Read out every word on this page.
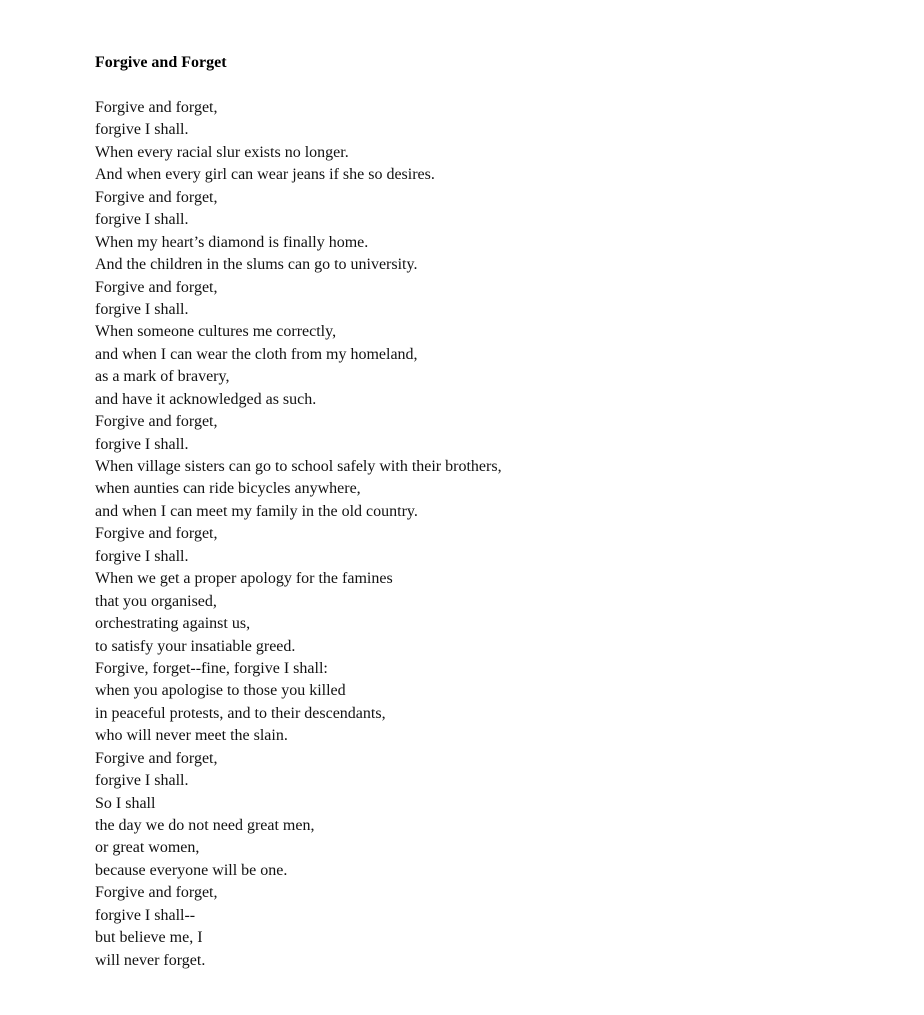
Forgive and Forget
Forgive and forget,
forgive I shall.
When every racial slur exists no longer.
And when every girl can wear jeans if she so desires.
Forgive and forget,
forgive I shall.
When my heart’s diamond is finally home.
And the children in the slums can go to university.
Forgive and forget,
forgive I shall.
When someone cultures me correctly,
and when I can wear the cloth from my homeland,
as a mark of bravery,
and have it acknowledged as such.
Forgive and forget,
forgive I shall.
When village sisters can go to school safely with their brothers,
when aunties can ride bicycles anywhere,
and when I can meet my family in the old country.
Forgive and forget,
forgive I shall.
When we get a proper apology for the famines
that you organised,
orchestrating against us,
to satisfy your insatiable greed.
Forgive, forget--fine, forgive I shall:
when you apologise to those you killed
in peaceful protests, and to their descendants,
who will never meet the slain.
Forgive and forget,
forgive I shall.
So I shall
the day we do not need great men,
or great women,
because everyone will be one.
Forgive and forget,
forgive I shall--
but believe me, I
will never forget.
